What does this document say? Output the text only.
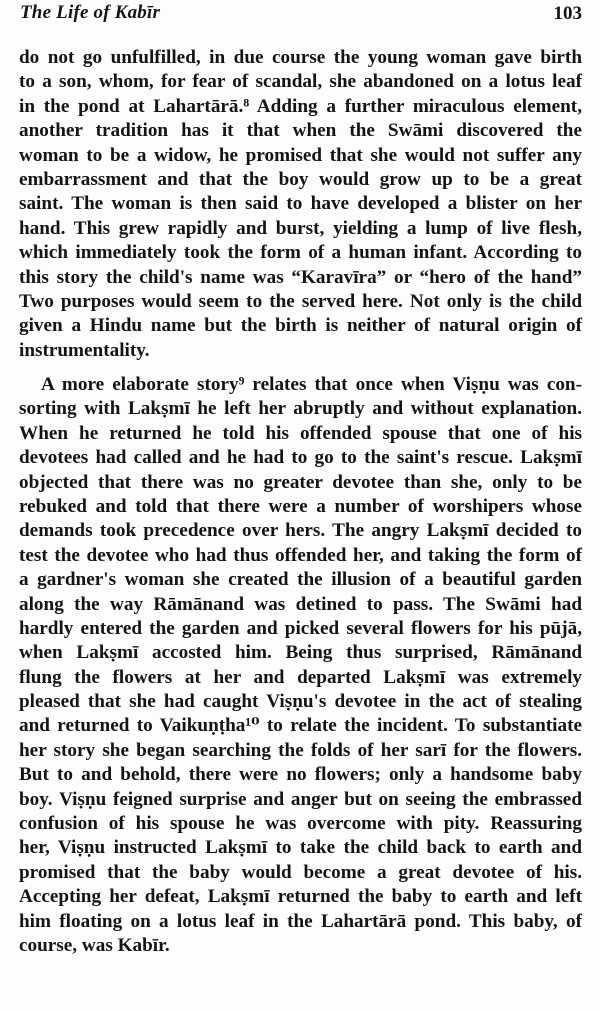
The Life of Kabīr	103
do not go unfulfilled, in due course the young woman gave birth
to a son, whom, for fear of scandal, she abandoned on a lotus leaf
in the pond at Lahartārā.⁸ Adding a further miraculous element,
another tradition has it that when the Swāmi discovered the
woman to be a widow, he promised that she would not suffer any
embarrassment and that the boy would grow up to be a great
saint. The woman is then said to have developed a blister on her
hand. This grew rapidly and burst, yielding a lump of live flesh,
which immediately took the form of a human infant. According to
this story the child's name was “Karavīra” or “hero of the hand”
Two purposes would seem to the served here. Not only is the child
given a Hindu name but the birth is neither of natural origin of
instrumentality.
A more elaborate story⁹ relates that once when Viṣṇu was con-
sorting with Lakṣmī he left her abruptly and without explanation.
When he returned he told his offended spouse that one of his
devotees had called and he had to go to the saint's rescue. Lakṣmī
objected that there was no greater devotee than she, only to be
rebuked and told that there were a number of worshipers whose
demands took precedence over hers. The angry Lakṣmī decided to
test the devotee who had thus offended her, and taking the form of
a gardner's woman she created the illusion of a beautiful garden
along the way Rāmānand was detined to pass. The Swāmi had
hardly entered the garden and picked several flowers for his pūjā,
when Lakṣmī accosted him. Being thus surprised, Rāmānand
flung the flowers at her and departed Lakṣmī was extremely
pleased that she had caught Viṣṇu's devotee in the act of stealing
and returned to Vaikuṇṭha¹⁰ to relate the incident. To substantiate
her story she began searching the folds of her sarī for the flowers.
But to and behold, there were no flowers; only a handsome baby
boy. Viṣṇu feigned surprise and anger but on seeing the embrassed
confusion of his spouse he was overcome with pity. Reassuring
her, Viṣṇu instructed Lakṣmī to take the child back to earth and
promised that the baby would become a great devotee of his.
Accepting her defeat, Lakṣmī returned the baby to earth and left
him floating on a lotus leaf in the Lahartārā pond. This baby, of
course, was Kabīr.
